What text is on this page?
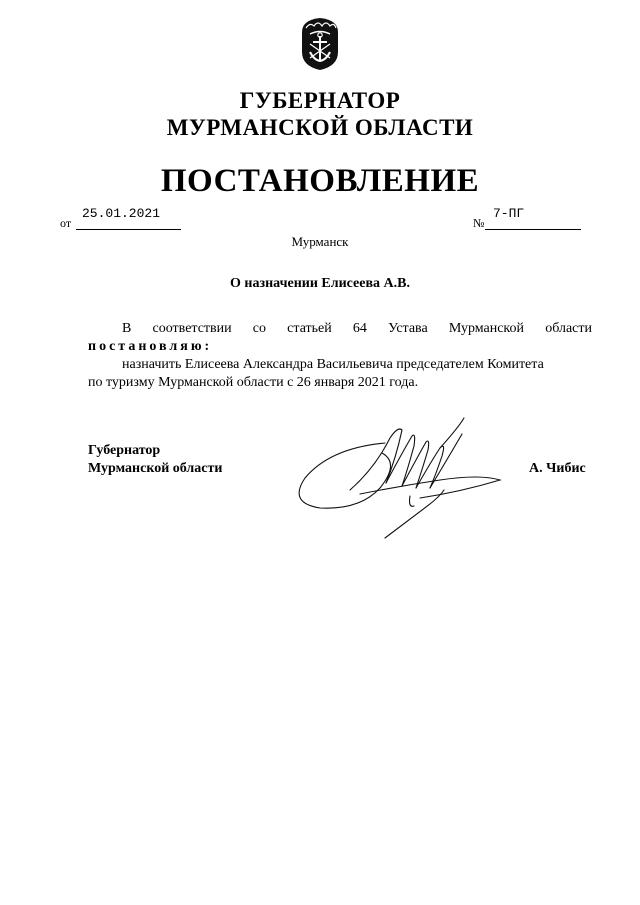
ГУБЕРНАТОР
МУРМАНСКОЙ ОБЛАСТИ
ПОСТАНОВЛЕНИЕ
от
25.01.2021
№
7-ПГ
Мурманск
О назначении Елисеева А.В.
В соответствии со статьей 64 Устава Мурманской области
постановляю:
назначить Елисеева Александра Васильевича председателем Комитета
по туризму Мурманской области с 26 января 2021 года.
Губернатор
Мурманской области	А. Чибис
